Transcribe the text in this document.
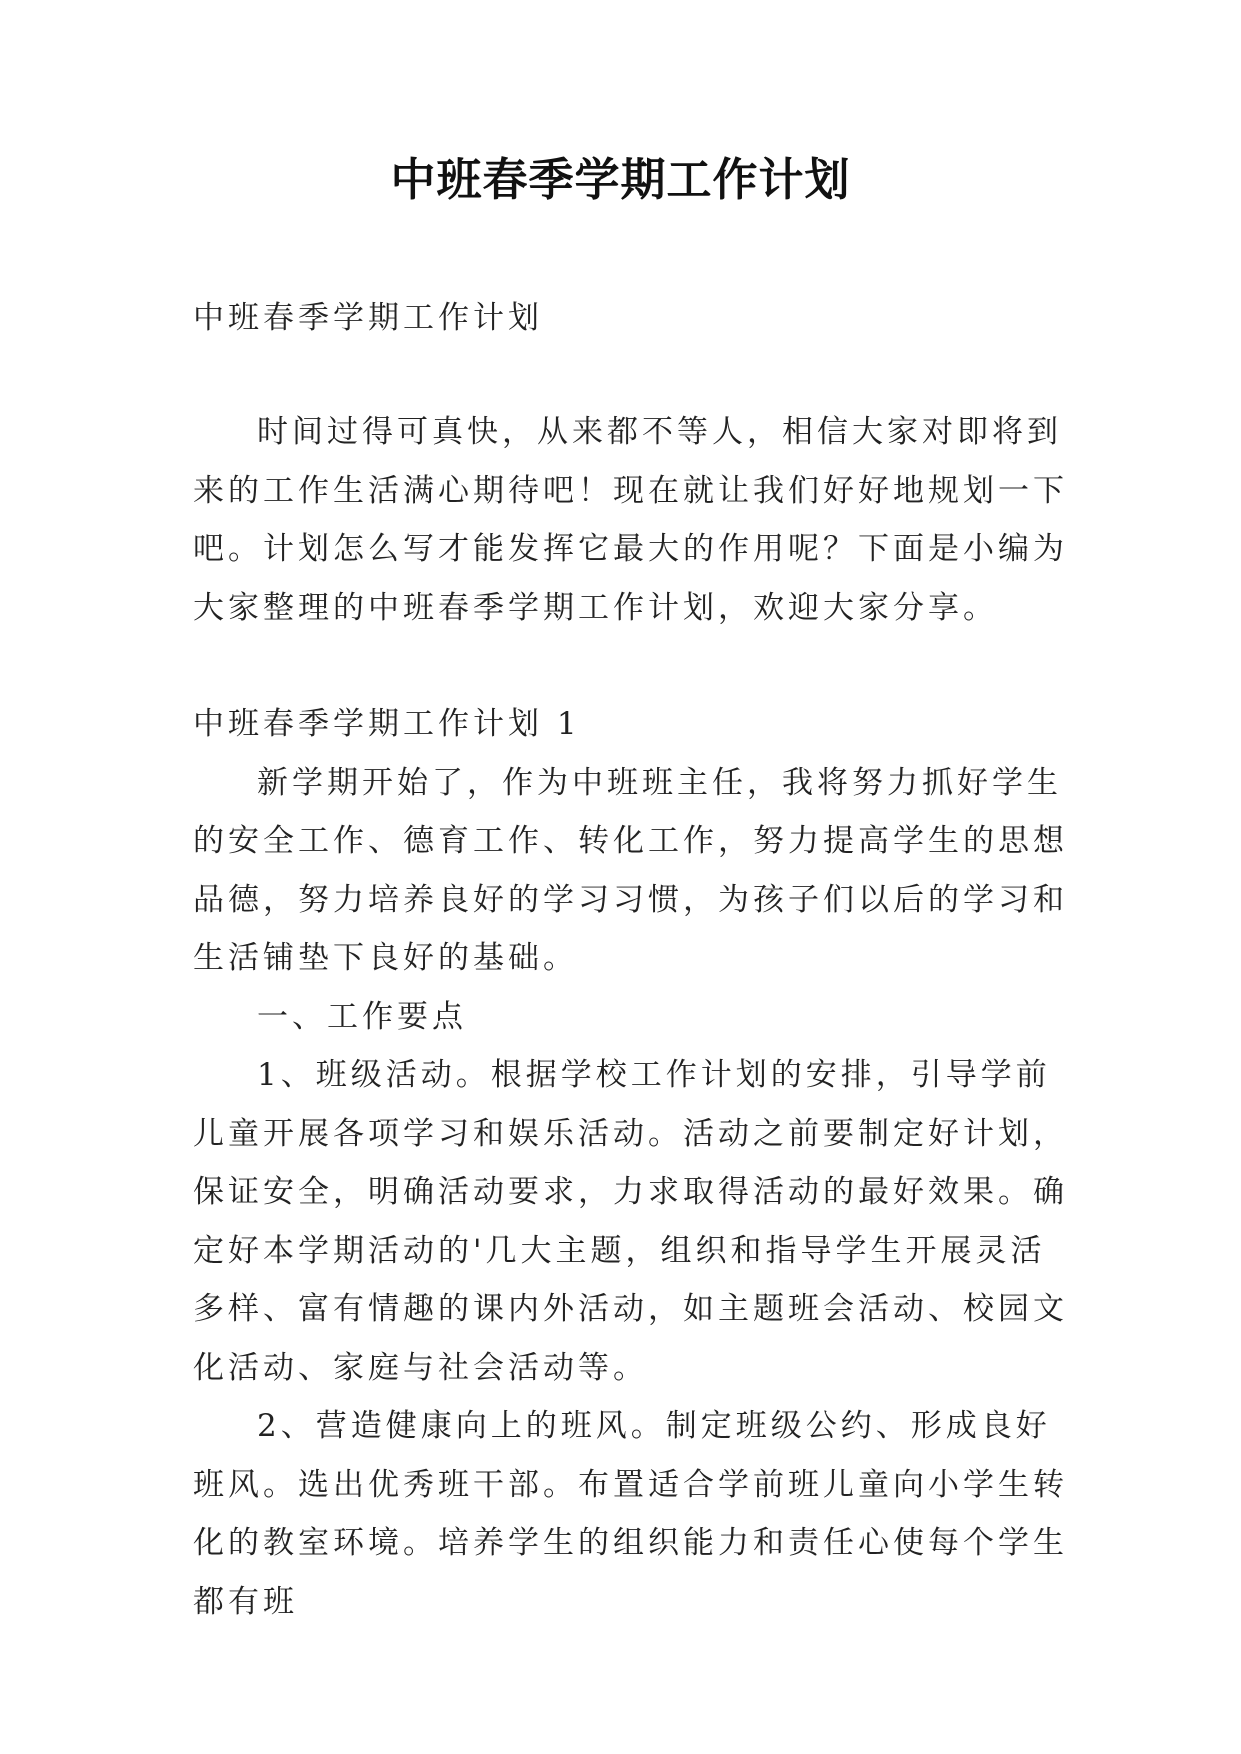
中班春季学期工作计划

中班春季学期工作计划

时间过得可真快，从来都不等人，相信大家对即将到来的工作生活满心期待吧！现在就让我们好好地规划一下吧。计划怎么写才能发挥它最大的作用呢？下面是小编为大家整理的中班春季学期工作计划，欢迎大家分享。

中班春季学期工作计划 1

新学期开始了，作为中班班主任，我将努力抓好学生的安全工作、德育工作、转化工作，努力提高学生的思想品德，努力培养良好的学习习惯，为孩子们以后的学习和生活铺垫下良好的基础。

一、工作要点

1、班级活动。根据学校工作计划的安排，引导学前儿童开展各项学习和娱乐活动。活动之前要制定好计划，保证安全，明确活动要求，力求取得活动的最好效果。确定好本学期活动的'几大主题，组织和指导学生开展灵活多样、富有情趣的课内外活动，如主题班会活动、校园文化活动、家庭与社会活动等。

2、营造健康向上的班风。制定班级公约、形成良好班风。选出优秀班干部。布置适合学前班儿童向小学生转化的教室环境。培养学生的组织能力和责任心使每个学生都有班
